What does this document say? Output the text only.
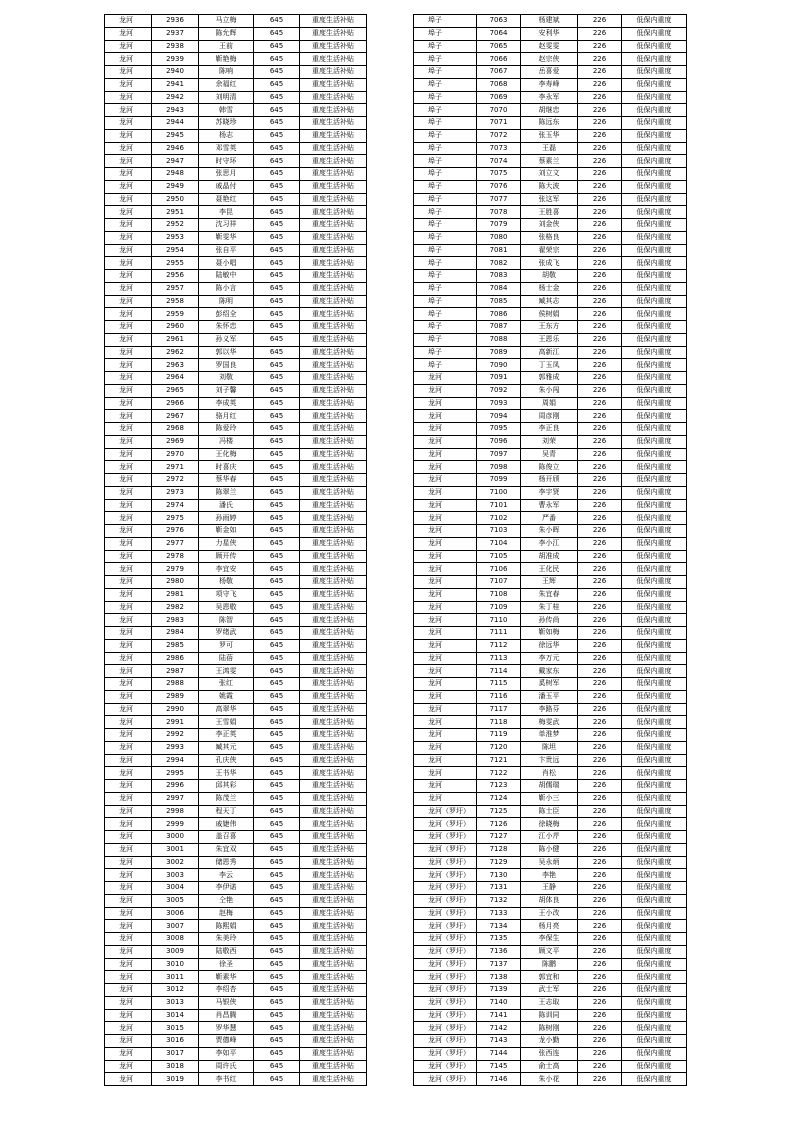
龙河	2936	马立梅	645	重度生活补贴
龙河	2937	陈允辉	645	重度生活补贴
龙河	2938	王前	645	重度生活补贴
龙河	2939	靳艳梅	645	重度生活补贴
龙河	2940	陈响	645	重度生活补贴
龙河	2941	余福红	645	重度生活补贴
龙河	2942	刘明清	645	重度生活补贴
龙河	2943	韩雪	645	重度生活补贴
龙河	2944	苏晓珍	645	重度生活补贴
龙河	2945	杨志	645	重度生活补贴
龙河	2946	邓雪英	645	重度生活补贴
龙河	2947	时守环	645	重度生活补贴
龙河	2948	张思月	645	重度生活补贴
龙河	2949	戚晶付	645	重度生活补贴
龙河	2950	聂艳红	645	重度生活补贴
龙河	2951	李昆	645	重度生活补贴
龙河	2952	沈习祥	645	重度生活补贴
龙河	2953	靳雯华	645	重度生活补贴
龙河	2954	张自平	645	重度生活补贴
龙河	2955	聂小唱	645	重度生活补贴
龙河	2956	陆敏中	645	重度生活补贴
龙河	2957	陈小言	645	重度生活补贴
龙河	2958	陈明	645	重度生活补贴
龙河	2959	彭绍全	645	重度生活补贴
龙河	2960	朱怀忠	645	重度生活补贴
龙河	2961	孙义军	645	重度生活补贴
龙河	2962	郭以华	645	重度生活补贴
龙河	2963	罗国良	645	重度生活补贴
龙河	2964	刘敬	645	重度生活补贴
龙河	2965	刘子馨	645	重度生活补贴
龙河	2966	李成英	645	重度生活补贴
龙河	2967	骆月红	645	重度生活补贴
龙河	2968	陈爱玲	645	重度生活补贴
龙河	2969	冯楼	645	重度生活补贴
龙河	2970	王化梅	645	重度生活补贴
龙河	2971	时喜庆	645	重度生活补贴
龙河	2972	蔡华春	645	重度生活补贴
龙河	2973	陈翠兰	645	重度生活补贴
龙河	2974	潘氏	645	重度生活补贴
龙河	2975	孙雨婷	645	重度生活补贴
龙河	2976	靳金如	645	重度生活补贴
龙河	2977	力星侠	645	重度生活补贴
龙河	2978	顾开传	645	重度生活补贴
龙河	2979	李宜安	645	重度生活补贴
龙河	2980	杨敬	645	重度生活补贴
龙河	2981	项守飞	645	重度生活补贴
龙河	2982	吴恩敬	645	重度生活补贴
龙河	2983	陈智	645	重度生活补贴
龙河	2984	罗绪武	645	重度生活补贴
龙河	2985	罗可	645	重度生活补贴
龙河	2986	陆蓓	645	重度生活补贴
龙河	2987	王鸿雯	645	重度生活补贴
龙河	2988	张红	645	重度生活补贴
龙河	2989	姚霞	645	重度生活补贴
龙河	2990	高翠华	645	重度生活补贴
龙河	2991	王雪娟	645	重度生活补贴
龙河	2992	李正英	645	重度生活补贴
龙河	2993	臧其元	645	重度生活补贴
龙河	2994	孔庆侠	645	重度生活补贴
龙河	2995	王书华	645	重度生活补贴
龙河	2996	邱其彩	645	重度生活补贴
龙河	2997	陈茂兰	645	重度生活补贴
龙河	2998	程天丁	645	重度生活补贴
龙河	2999	戚婕伟	645	重度生活补贴
龙河	3000	盖召喜	645	重度生活补贴
龙河	3001	朱宜双	645	重度生活补贴
龙河	3002	储恩秀	645	重度生活补贴
龙河	3003	李云	645	重度生活补贴
龙河	3004	李伊诺	645	重度生活补贴
龙河	3005	仝艳	645	重度生活补贴
龙河	3006	赵梅	645	重度生活补贴
龙河	3007	陈熙娟	645	重度生活补贴
龙河	3008	朱美玲	645	重度生活补贴
龙河	3009	陆敬西	645	重度生活补贴
龙河	3010	徐圣	645	重度生活补贴
龙河	3011	靳素华	645	重度生活补贴
龙河	3012	李绍杏	645	重度生活补贴
龙河	3013	马银侠	645	重度生活补贴
龙河	3014	肖昌腾	645	重度生活补贴
龙河	3015	罗华慧	645	重度生活补贴
龙河	3016	贾德峰	645	重度生活补贴
龙河	3017	李如平	645	重度生活补贴
龙河	3018	周许氏	645	重度生活补贴
龙河	3019	李书红	645	重度生活补贴
埠子	7063	杨建斌	226	低保内重度
埠子	7064	安利华	226	低保内重度
埠子	7065	赵雯雯	226	低保内重度
埠子	7066	赵宗侠	226	低保内重度
埠子	7067	岳喜爱	226	低保内重度
埠子	7068	李寿峰	226	低保内重度
埠子	7069	李永军	226	低保内重度
埠子	7070	胡继忠	226	低保内重度
埠子	7071	陈远东	226	低保内重度
埠子	7072	张玉华	226	低保内重度
埠子	7073	王磊	226	低保内重度
埠子	7074	蔡素兰	226	低保内重度
埠子	7075	刘立文	226	低保内重度
埠子	7076	陈大波	226	低保内重度
埠子	7077	张这军	226	低保内重度
埠子	7078	王胜喜	226	低保内重度
埠子	7079	刘金侠	226	低保内重度
埠子	7080	张格良	226	低保内重度
埠子	7081	翟荣宗	226	低保内重度
埠子	7082	张成飞	226	低保内重度
埠子	7083	胡敬	226	低保内重度
埠子	7084	杨士金	226	低保内重度
埠子	7085	臧其志	226	低保内重度
埠子	7086	侯树娟	226	低保内重度
埠子	7087	王东方	226	低保内重度
埠子	7088	王恩乐	226	低保内重度
埠子	7089	高新江	226	低保内重度
埠子	7090	丁玉凤	226	低保内重度
龙河	7091	郭雅成	226	低保内重度
龙河	7092	朱小闯	226	低保内重度
龙河	7093	周娟	226	低保内重度
龙河	7094	周彦刚	226	低保内重度
龙河	7095	李正良	226	低保内重度
龙河	7096	刘荣	226	低保内重度
龙河	7097	吴青	226	低保内重度
龙河	7098	陈俊立	226	低保内重度
龙河	7099	杨开颀	226	低保内重度
龙河	7100	李宇贤	226	低保内重度
龙河	7101	曹永军	226	低保内重度
龙河	7102	严番	226	低保内重度
龙河	7103	朱小晖	226	低保内重度
龙河	7104	李小江	226	低保内重度
龙河	7105	胡准成	226	低保内重度
龙河	7106	王化民	226	低保内重度
龙河	7107	王辉	226	低保内重度
龙河	7108	朱宜春	226	低保内重度
龙河	7109	朱丁桂	226	低保内重度
龙河	7110	孙传尚	226	低保内重度
龙河	7111	靳如梅	226	低保内重度
龙河	7112	徐远华	226	低保内重度
龙河	7113	李万元	226	低保内重度
龙河	7114	戴家东	226	低保内重度
龙河	7115	奚树军	226	低保内重度
龙河	7116	潘玉平	226	低保内重度
龙河	7117	李路芬	226	低保内重度
龙河	7118	梅雯武	226	低保内重度
龙河	7119	单淮梦	226	低保内重度
龙河	7120	陈坦	226	低保内重度
龙河	7121	卞贵远	226	低保内重度
龙河	7122	肖松	226	低保内重度
龙河	7123	胡儒瑞	226	低保内重度
龙河	7124	靳小三	226	低保内重度
龙河（罗圩）	7125	陈士臣	226	低保内重度
龙河（罗圩）	7126	徐晓梅	226	低保内重度
龙河（罗圩）	7127	江小芹	226	低保内重度
龙河（罗圩）	7128	陈小健	226	低保内重度
龙河（罗圩）	7129	吴永炳	226	低保内重度
龙河（罗圩）	7130	李艳	226	低保内重度
龙河（罗圩）	7131	王静	226	低保内重度
龙河（罗圩）	7132	胡体良	226	低保内重度
龙河（罗圩）	7133	王小改	226	低保内重度
龙河（罗圩）	7134	杨月亮	226	低保内重度
龙河（罗圩）	7135	李保生	226	低保内重度
龙河（罗圩）	7136	顾文平	226	低保内重度
龙河（罗圩）	7137	陈鹏	226	低保内重度
龙河（罗圩）	7138	郭宜和	226	低保内重度
龙河（罗圩）	7139	武士军	226	低保内重度
龙河（罗圩）	7140	王志取	226	低保内重度
龙河（罗圩）	7141	陈训同	226	低保内重度
龙河（罗圩）	7142	陈树刚	226	低保内重度
龙河（罗圩）	7143	龙小勤	226	低保内重度
龙河（罗圩）	7144	张西连	226	低保内重度
龙河（罗圩）	7145	俞士高	226	低保内重度
龙河（罗圩）	7146	朱小花	226	低保内重度
